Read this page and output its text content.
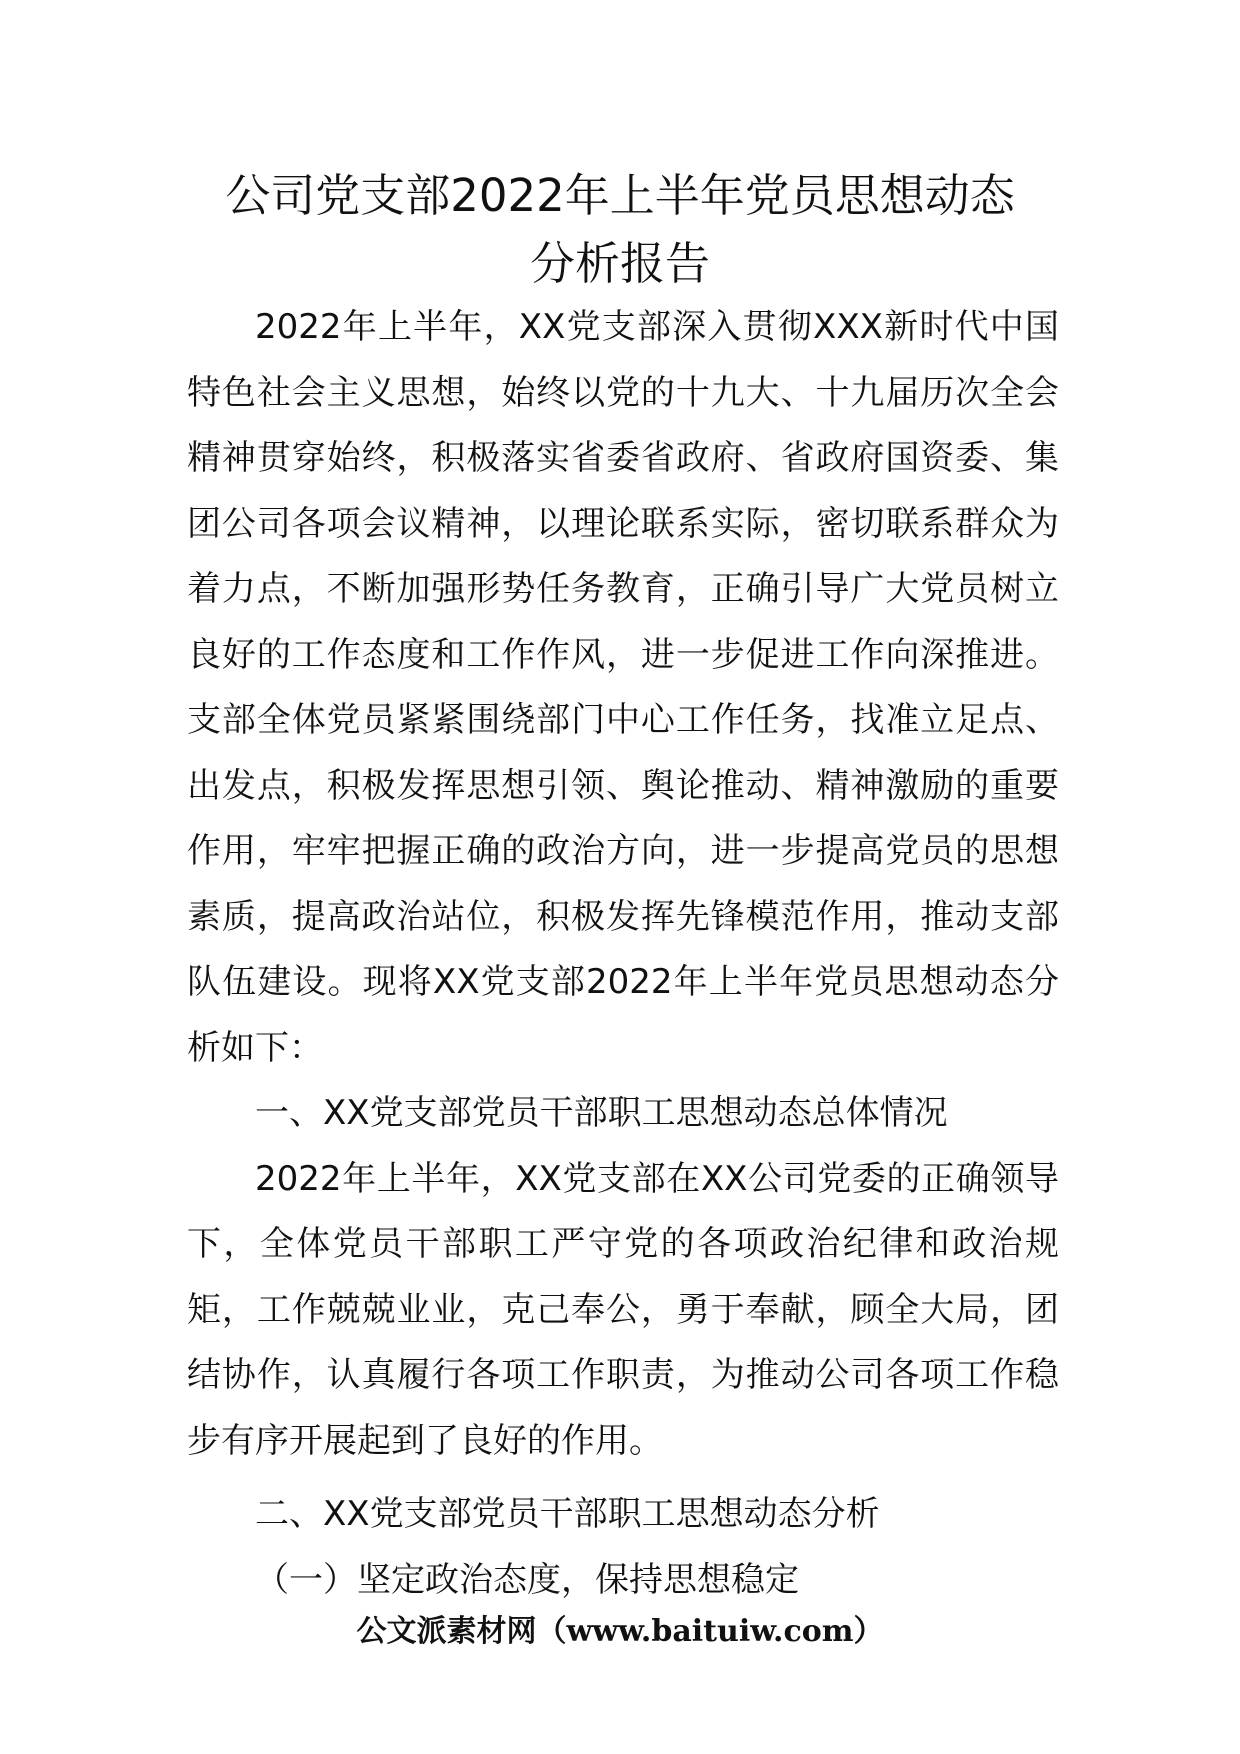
公司党支部2022年上半年党员思想动态
分析报告

2022年上半年，XX党支部深入贯彻XXX新时代中国特色社会主义思想，始终以党的十九大、十九届历次全会精神贯穿始终，积极落实省委省政府、省政府国资委、集团公司各项会议精神，以理论联系实际，密切联系群众为着力点，不断加强形势任务教育，正确引导广大党员树立良好的工作态度和工作作风，进一步促进工作向深推进。支部全体党员紧紧围绕部门中心工作任务，找准立足点、出发点，积极发挥思想引领、舆论推动、精神激励的重要作用，牢牢把握正确的政治方向，进一步提高党员的思想素质，提高政治站位，积极发挥先锋模范作用，推动支部队伍建设。现将XX党支部2022年上半年党员思想动态分析如下：

一、XX党支部党员干部职工思想动态总体情况

2022年上半年，XX党支部在XX公司党委的正确领导下，全体党员干部职工严守党的各项政治纪律和政治规矩，工作兢兢业业，克己奉公，勇于奉献，顾全大局，团结协作，认真履行各项工作职责，为推动公司各项工作稳步有序开展起到了良好的作用。

二、XX党支部党员干部职工思想动态分析

（一）坚定政治态度，保持思想稳定

公文派素材网（www.baituiw.com）
